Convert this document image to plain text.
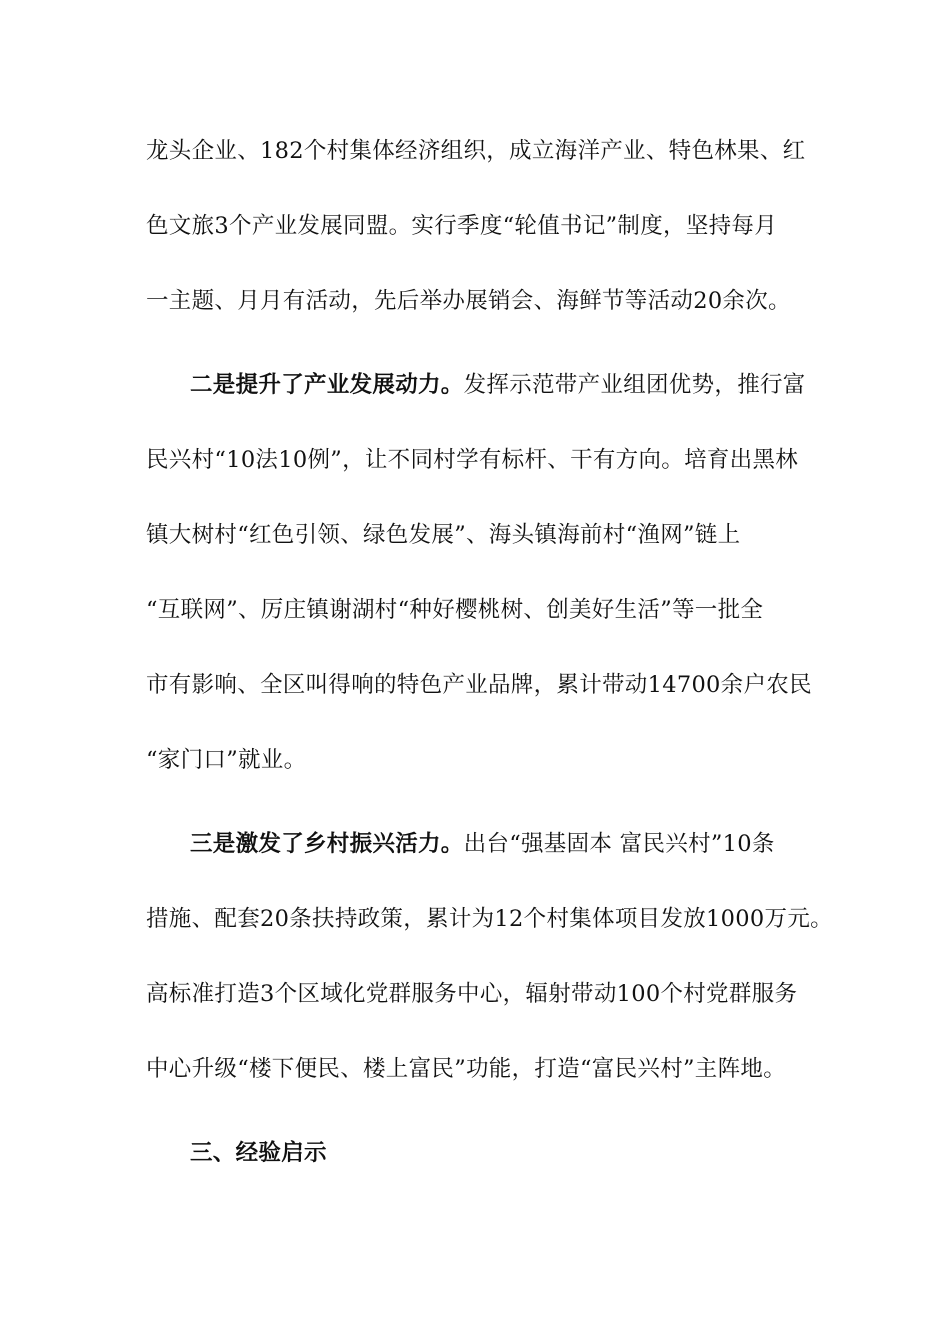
龙头企业、182个村集体经济组织，成立海洋产业、特色林果、红
色文旅3个产业发展同盟。实行季度“轮值书记”制度，坚持每月
一主题、月月有活动，先后举办展销会、海鲜节等活动20余次。
二是提升了产业发展动力。发挥示范带产业组团优势，推行富
民兴村“10法10例”，让不同村学有标杆、干有方向。培育出黑林
镇大树村“红色引领、绿色发展”、海头镇海前村“渔网”链上
“互联网”、厉庄镇谢湖村“种好樱桃树、创美好生活”等一批全
市有影响、全区叫得响的特色产业品牌，累计带动14700余户农民
“家门口”就业。
三是激发了乡村振兴活力。出台“强基固本 富民兴村”10条
措施、配套20条扶持政策，累计为12个村集体项目发放1000万元。
高标准打造3个区域化党群服务中心，辐射带动100个村党群服务
中心升级“楼下便民、楼上富民”功能，打造“富民兴村”主阵地。
三、经验启示
